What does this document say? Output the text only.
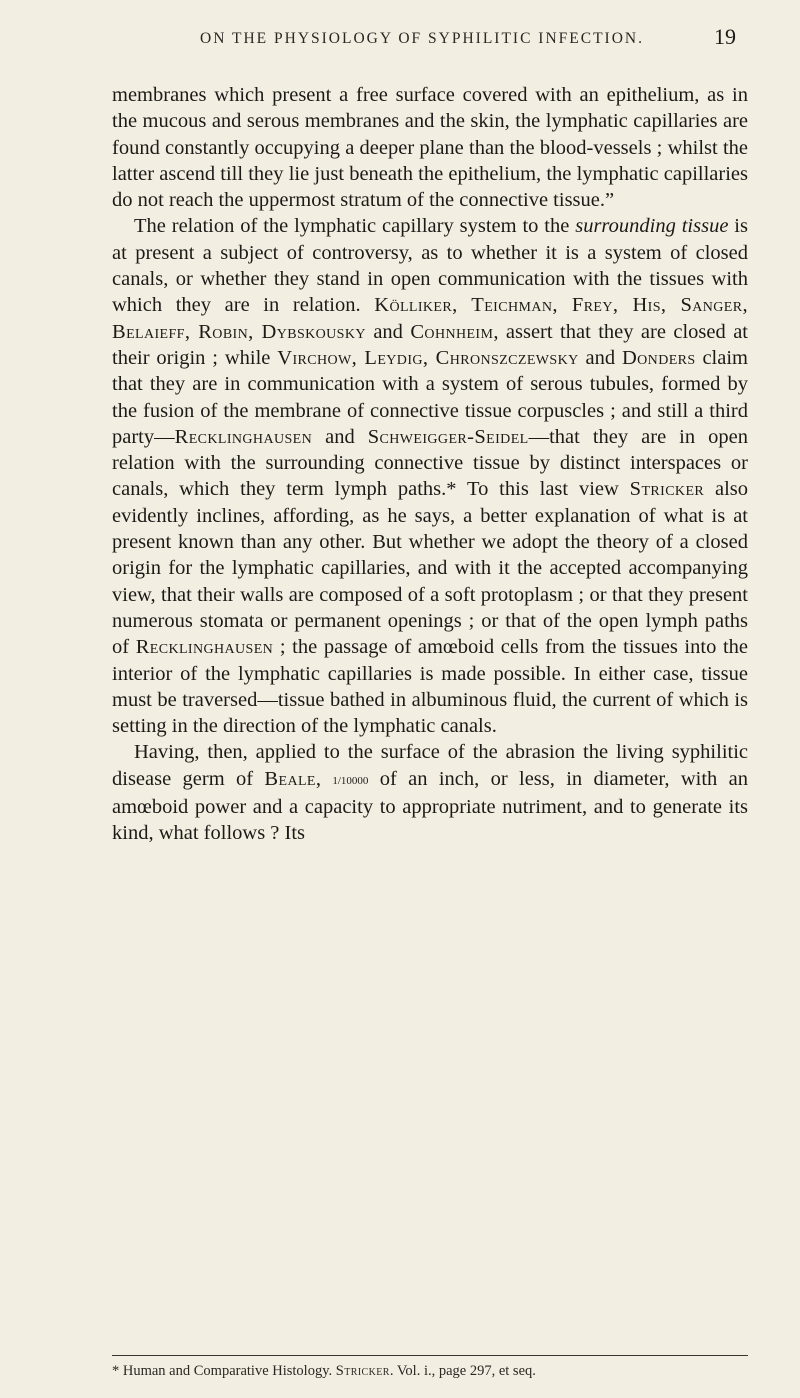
ON THE PHYSIOLOGY OF SYPHILITIC INFECTION.	19

membranes which present a free surface covered with an epithelium, as in the mucous and serous membranes and the skin, the lymphatic capillaries are found constantly occupying a deeper plane than the blood-vessels ; whilst the latter ascend till they lie just beneath the epithelium, the lymphatic capillaries do not reach the uppermost stratum of the connective tissue.”

The relation of the lymphatic capillary system to the surrounding tissue is at present a subject of controversy, as to whether it is a system of closed canals, or whether they stand in open communication with the tissues with which they are in relation. Kölliker, Teichman, Frey, His, Sanger, Belaieff, Robin, Dybskousky and Cohnheim, assert that they are closed at their origin ; while Virchow, Leydig, Chronszczewsky and Donders claim that they are in communication with a system of serous tubules, formed by the fusion of the membrane of connective tissue corpuscles ; and still a third party—Recklinghausen and Schweigger-Seidel—that they are in open relation with the surrounding connective tissue by distinct interspaces or canals, which they term lymph paths.* To this last view Stricker also evidently inclines, affording, as he says, a better explanation of what is at present known than any other. But whether we adopt the theory of a closed origin for the lymphatic capillaries, and with it the accepted accompanying view, that their walls are composed of a soft protoplasm ; or that they present numerous stomata or permanent openings ; or that of the open lymph paths of Recklinghausen ; the passage of amœboid cells from the tissues into the interior of the lymphatic capillaries is made possible. In either case, tissue must be traversed—tissue bathed in albuminous fluid, the current of which is setting in the direction of the lymphatic canals.

Having, then, applied to the surface of the abrasion the living syphilitic disease germ of Beale, 1/10000 of an inch, or less, in diameter, with an amœboid power and a capacity to appropriate nutriment, and to generate its kind, what follows ? Its

* Human and Comparative Histology. Stricker. Vol. i., page 297, et seq.
